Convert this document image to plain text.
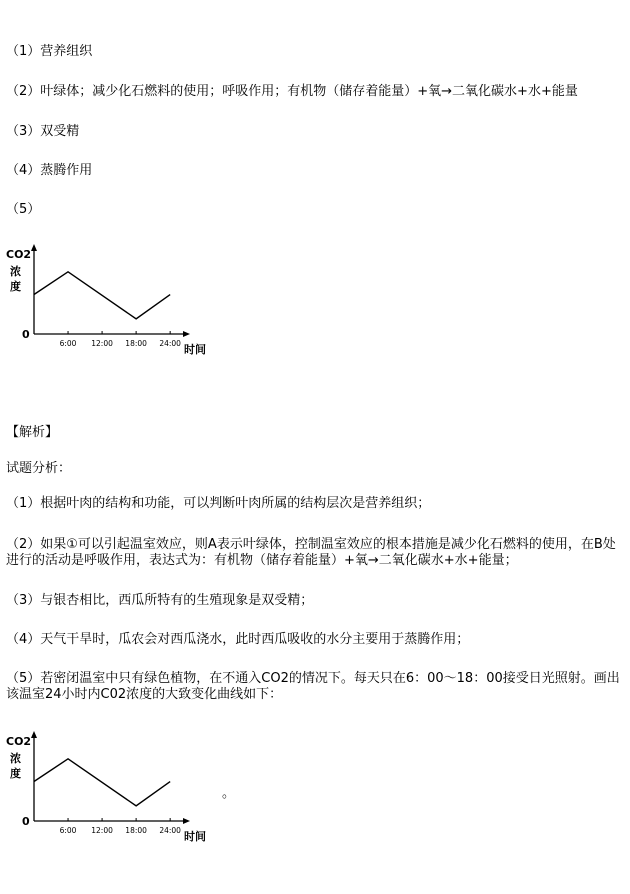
（1）营养组织
（2）叶绿体；减少化石燃料的使用；呼吸作用；有机物（储存着能量）+氧→二氧化碳水+水+能量
（3）双受精
（4）蒸腾作用
（5）
CO2
浓
度
0
6:00 12:00 18:00 24:00 时间
【解析】
试题分析：
（1）根据叶肉的结构和功能，可以判断叶肉所属的结构层次是营养组织；
（2）如果①可以引起温室效应，则A表示叶绿体，控制温室效应的根本措施是减少化石燃料的使用，在B处进行的活动是呼吸作用，表达式为：有机物（储存着能量）+氧→二氧化碳水+水+能量；
（3）与银杏相比，西瓜所特有的生殖现象是双受精；
（4）天气干旱时，瓜农会对西瓜浇水，此时西瓜吸收的水分主要用于蒸腾作用；
（5）若密闭温室中只有绿色植物，在不通入CO2的情况下。每天只在6：00～18：00接受日光照射。画出该温室24小时内C02浓度的大致变化曲线如下：
CO2
浓
度
0
6:00 12:00 18:00 24:00 时间
。
